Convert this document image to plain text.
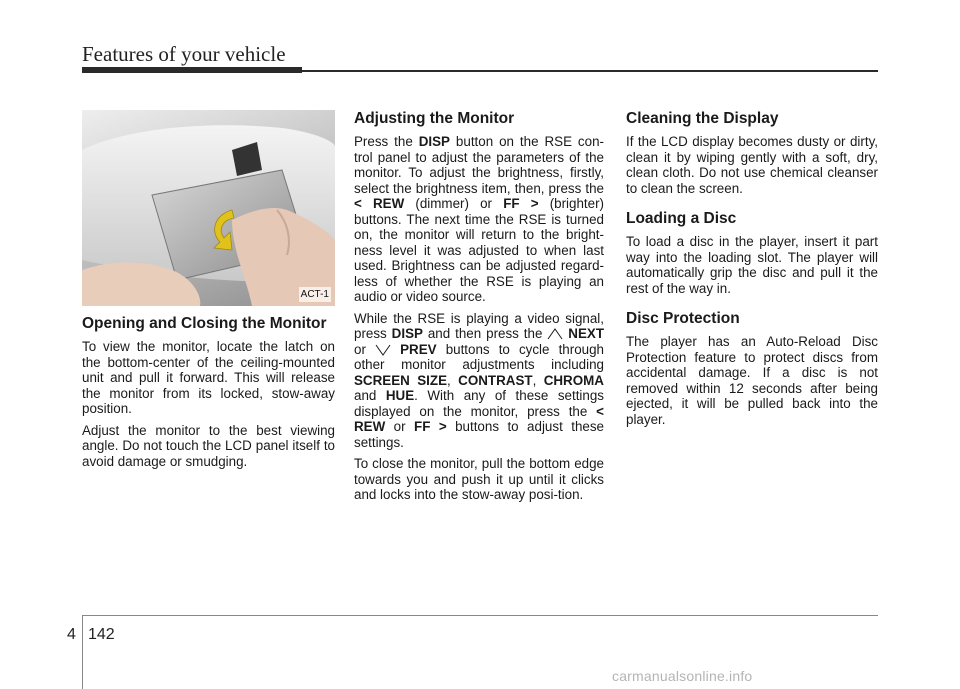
Features of your vehicle
ACT-1
Opening and Closing the Monitor

To view the monitor, locate the latch on the bottom-center of the ceiling-mounted unit and pull it forward. This will release the monitor from its locked, stow-away position.

Adjust the monitor to the best viewing angle. Do not touch the LCD panel itself to avoid damage or smudging.

Adjusting the Monitor

Press the DISP button on the RSE con-trol panel to adjust the parameters of the monitor. To adjust the brightness, firstly, select the brightness item, then, press the < REW (dimmer) or FF > (brighter) buttons. The next time the RSE is turned on, the monitor will return to the bright-ness level it was adjusted to when last used. Brightness can be adjusted regard-less of whether the RSE is playing an audio or video source.

While the RSE is playing a video signal, press DISP and then press the  NEXT or  PREV buttons to cycle through other monitor adjustments including SCREEN SIZE, CONTRAST, CHROMA and HUE. With any of these settings displayed on the monitor, press the < REW or FF > buttons to adjust these settings.

To close the monitor, pull the bottom edge towards you and push it up until it clicks and locks into the stow-away posi-tion.

Cleaning the Display

If the LCD display becomes dusty or dirty, clean it by wiping gently with a soft, dry, clean cloth. Do not use chemical cleanser to clean the screen.

Loading a Disc

To load a disc in the player, insert it part way into the loading slot. The player will automatically grip the disc and pull it the rest of the way in.

Disc Protection

The player has an Auto-Reload Disc Protection feature to protect discs from accidental damage. If a disc is not removed within 12 seconds after being ejected, it will be pulled back into the player.

4 142
carmanualsonline.info
